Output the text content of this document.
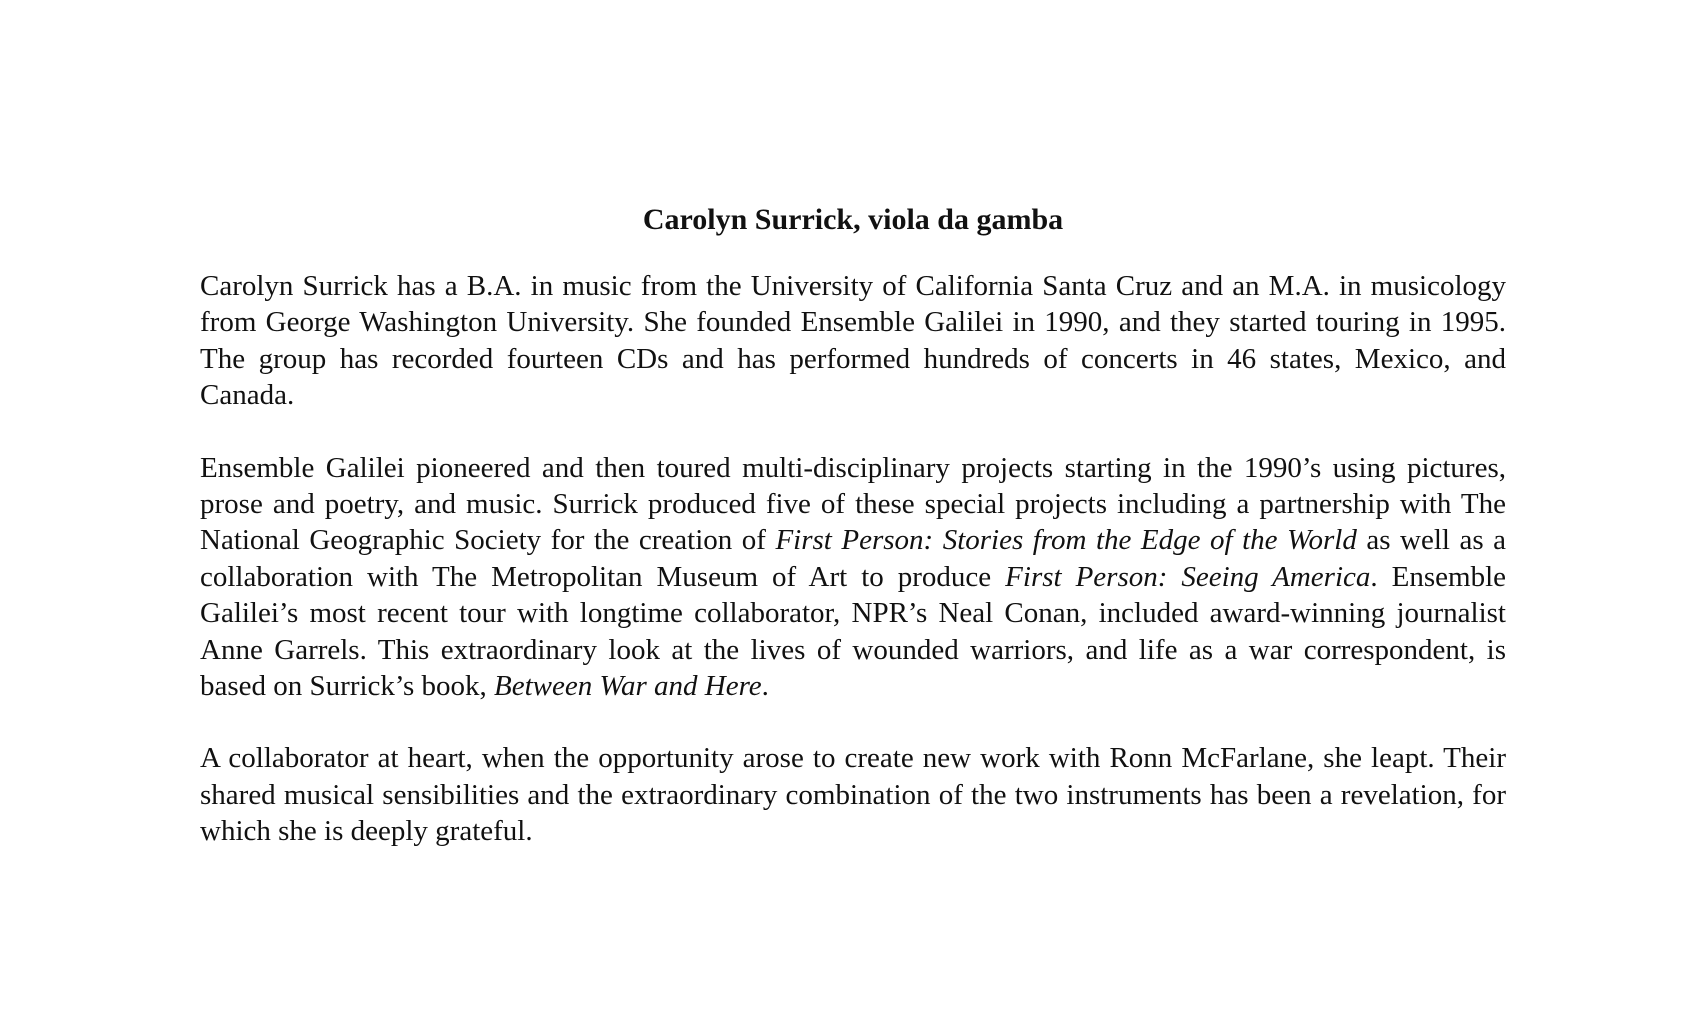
Carolyn Surrick, viola da gamba

Carolyn Surrick has a B.A. in music from the University of California Santa Cruz and an M.A. in musicology from George Washington University. She founded Ensemble Galilei in 1990, and they started touring in 1995. The group has recorded fourteen CDs and has performed hundreds of concerts in 46 states, Mexico, and Canada.

Ensemble Galilei pioneered and then toured multi-disciplinary projects starting in the 1990’s using pictures, prose and poetry, and music. Surrick produced five of these special projects including a partnership with The National Geographic Society for the creation of First Person: Stories from the Edge of the World as well as a collaboration with The Metropolitan Museum of Art to produce First Person: Seeing America. Ensemble Galilei’s most recent tour with longtime collaborator, NPR’s Neal Conan, included award-winning journalist Anne Garrels. This extraordinary look at the lives of wounded warriors, and life as a war correspondent, is based on Surrick’s book, Between War and Here.

A collaborator at heart, when the opportunity arose to create new work with Ronn McFarlane, she leapt. Their shared musical sensibilities and the extraordinary combination of the two instruments has been a revelation, for which she is deeply grateful.
